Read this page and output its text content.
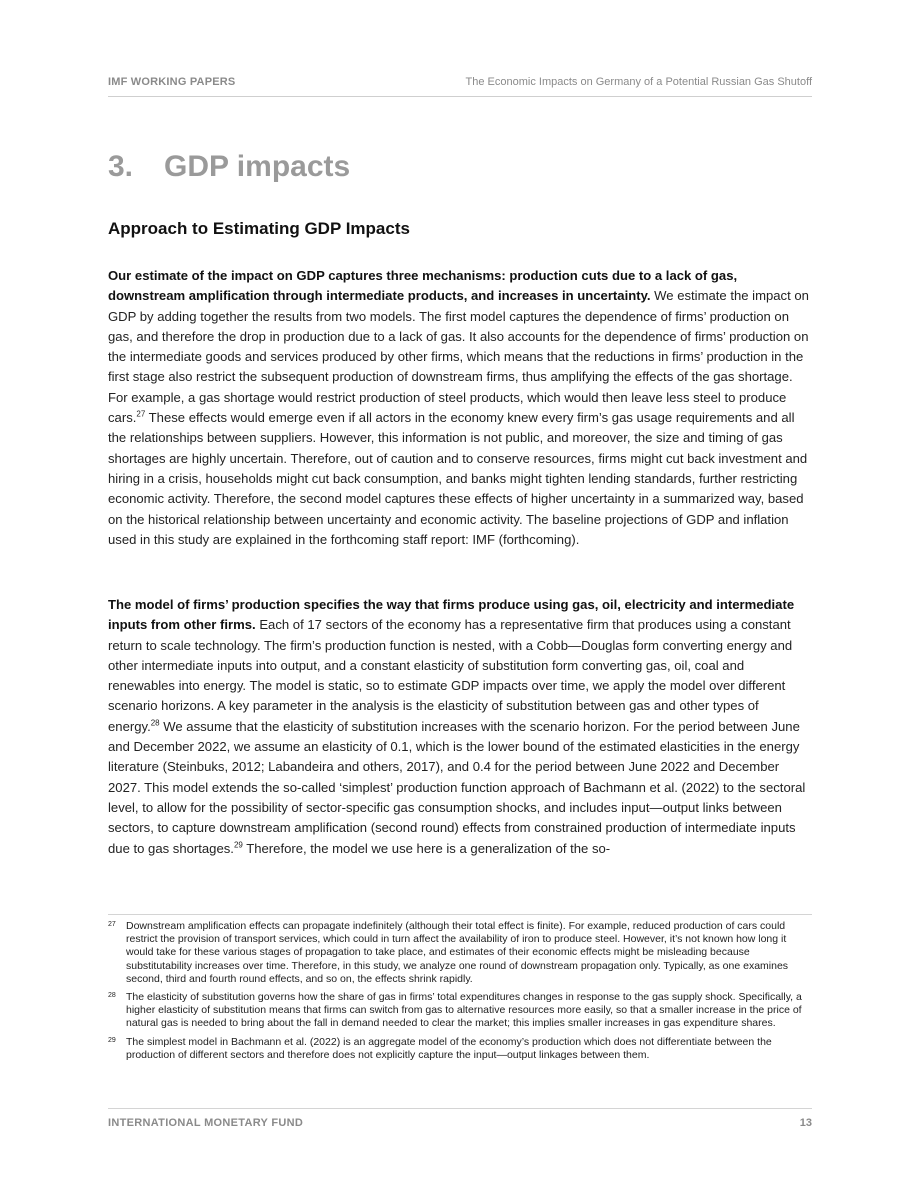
IMF WORKING PAPERS	The Economic Impacts on Germany of a Potential Russian Gas Shutoff
3. GDP impacts
Approach to Estimating GDP Impacts

Our estimate of the impact on GDP captures three mechanisms: production cuts due to a lack of gas, downstream amplification through intermediate products, and increases in uncertainty. We estimate the impact on GDP by adding together the results from two models. The first model captures the dependence of firms’ production on gas, and therefore the drop in production due to a lack of gas. It also accounts for the dependence of firms’ production on the intermediate goods and services produced by other firms, which means that the reductions in firms’ production in the first stage also restrict the subsequent production of downstream firms, thus amplifying the effects of the gas shortage. For example, a gas shortage would restrict production of steel products, which would then leave less steel to produce cars.$^{27}$ These effects would emerge even if all actors in the economy knew every firm’s gas usage requirements and all the relationships between suppliers. However, this information is not public, and moreover, the size and timing of gas shortages are highly uncertain. Therefore, out of caution and to conserve resources, firms might cut back investment and hiring in a crisis, households might cut back consumption, and banks might tighten lending standards, further restricting economic activity. Therefore, the second model captures these effects of higher uncertainty in a summarized way, based on the historical relationship between uncertainty and economic activity. The baseline projections of GDP and inflation used in this study are explained in the forthcoming staff report: IMF (forthcoming).

The model of firms’ production specifies the way that firms produce using gas, oil, electricity and intermediate inputs from other firms. Each of 17 sectors of the economy has a representative firm that produces using a constant return to scale technology. The firm’s production function is nested, with a Cobb—Douglas form converting energy and other intermediate inputs into output, and a constant elasticity of substitution form converting gas, oil, coal and renewables into energy. The model is static, so to estimate GDP impacts over time, we apply the model over different scenario horizons. A key parameter in the analysis is the elasticity of substitution between gas and other types of energy.$^{28}$ We assume that the elasticity of substitution increases with the scenario horizon. For the period between June and December 2022, we assume an elasticity of 0.1, which is the lower bound of the estimated elasticities in the energy literature (Steinbuks, 2012; Labandeira and others, 2017), and 0.4 for the period between June 2022 and December 2027. This model extends the so-called ‘simplest’ production function approach of Bachmann et al. (2022) to the sectoral level, to allow for the possibility of sector-specific gas consumption shocks, and includes input—output links between sectors, to capture downstream amplification (second round) effects from constrained production of intermediate inputs due to gas shortages.$^{29}$ Therefore, the model we use here is a generalization of the so-

27 Downstream amplification effects can propagate indefinitely (although their total effect is finite). For example, reduced production of cars could restrict the provision of transport services, which could in turn affect the availability of iron to produce steel. However, it’s not known how long it would take for these various stages of propagation to take place, and estimates of their economic effects might be misleading because substitutability increases over time. Therefore, in this study, we analyze one round of downstream propagation only. Typically, as one examines second, third and fourth round effects, and so on, the effects shrink rapidly.
28 The elasticity of substitution governs how the share of gas in firms’ total expenditures changes in response to the gas supply shock. Specifically, a higher elasticity of substitution means that firms can switch from gas to alternative resources more easily, so that a smaller increase in the price of natural gas is needed to bring about the fall in demand needed to clear the market; this implies smaller increases in gas expenditure shares.
29 The simplest model in Bachmann et al. (2022) is an aggregate model of the economy’s production which does not differentiate between the production of different sectors and therefore does not explicitly capture the input—output linkages between them.
INTERNATIONAL MONETARY FUND	13
